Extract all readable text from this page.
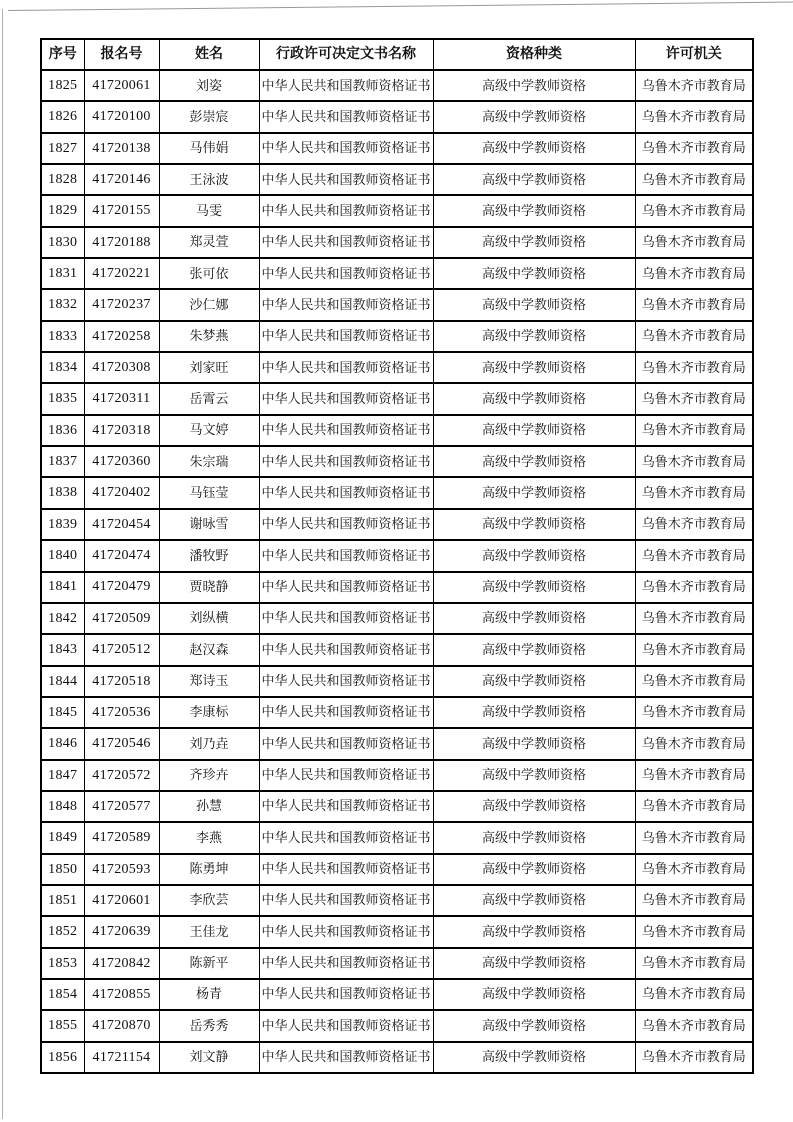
序号	报名号	姓名	行政许可决定文书名称	资格种类	许可机关
1825	41720061	刘姿	中华人民共和国教师资格证书	高级中学教师资格	乌鲁木齐市教育局
1826	41720100	彭崇宸	中华人民共和国教师资格证书	高级中学教师资格	乌鲁木齐市教育局
1827	41720138	马伟娟	中华人民共和国教师资格证书	高级中学教师资格	乌鲁木齐市教育局
1828	41720146	王泳波	中华人民共和国教师资格证书	高级中学教师资格	乌鲁木齐市教育局
1829	41720155	马雯	中华人民共和国教师资格证书	高级中学教师资格	乌鲁木齐市教育局
1830	41720188	郑灵萱	中华人民共和国教师资格证书	高级中学教师资格	乌鲁木齐市教育局
1831	41720221	张可依	中华人民共和国教师资格证书	高级中学教师资格	乌鲁木齐市教育局
1832	41720237	沙仁娜	中华人民共和国教师资格证书	高级中学教师资格	乌鲁木齐市教育局
1833	41720258	朱梦燕	中华人民共和国教师资格证书	高级中学教师资格	乌鲁木齐市教育局
1834	41720308	刘家旺	中华人民共和国教师资格证书	高级中学教师资格	乌鲁木齐市教育局
1835	41720311	岳霄云	中华人民共和国教师资格证书	高级中学教师资格	乌鲁木齐市教育局
1836	41720318	马文婷	中华人民共和国教师资格证书	高级中学教师资格	乌鲁木齐市教育局
1837	41720360	朱宗瑞	中华人民共和国教师资格证书	高级中学教师资格	乌鲁木齐市教育局
1838	41720402	马钰莹	中华人民共和国教师资格证书	高级中学教师资格	乌鲁木齐市教育局
1839	41720454	谢咏雪	中华人民共和国教师资格证书	高级中学教师资格	乌鲁木齐市教育局
1840	41720474	潘牧野	中华人民共和国教师资格证书	高级中学教师资格	乌鲁木齐市教育局
1841	41720479	贾晓静	中华人民共和国教师资格证书	高级中学教师资格	乌鲁木齐市教育局
1842	41720509	刘纵横	中华人民共和国教师资格证书	高级中学教师资格	乌鲁木齐市教育局
1843	41720512	赵汉森	中华人民共和国教师资格证书	高级中学教师资格	乌鲁木齐市教育局
1844	41720518	郑诗玉	中华人民共和国教师资格证书	高级中学教师资格	乌鲁木齐市教育局
1845	41720536	李康标	中华人民共和国教师资格证书	高级中学教师资格	乌鲁木齐市教育局
1846	41720546	刘乃垚	中华人民共和国教师资格证书	高级中学教师资格	乌鲁木齐市教育局
1847	41720572	齐珍卉	中华人民共和国教师资格证书	高级中学教师资格	乌鲁木齐市教育局
1848	41720577	孙慧	中华人民共和国教师资格证书	高级中学教师资格	乌鲁木齐市教育局
1849	41720589	李燕	中华人民共和国教师资格证书	高级中学教师资格	乌鲁木齐市教育局
1850	41720593	陈勇坤	中华人民共和国教师资格证书	高级中学教师资格	乌鲁木齐市教育局
1851	41720601	李欣芸	中华人民共和国教师资格证书	高级中学教师资格	乌鲁木齐市教育局
1852	41720639	王佳龙	中华人民共和国教师资格证书	高级中学教师资格	乌鲁木齐市教育局
1853	41720842	陈新平	中华人民共和国教师资格证书	高级中学教师资格	乌鲁木齐市教育局
1854	41720855	杨青	中华人民共和国教师资格证书	高级中学教师资格	乌鲁木齐市教育局
1855	41720870	岳秀秀	中华人民共和国教师资格证书	高级中学教师资格	乌鲁木齐市教育局
1856	41721154	刘文静	中华人民共和国教师资格证书	高级中学教师资格	乌鲁木齐市教育局
